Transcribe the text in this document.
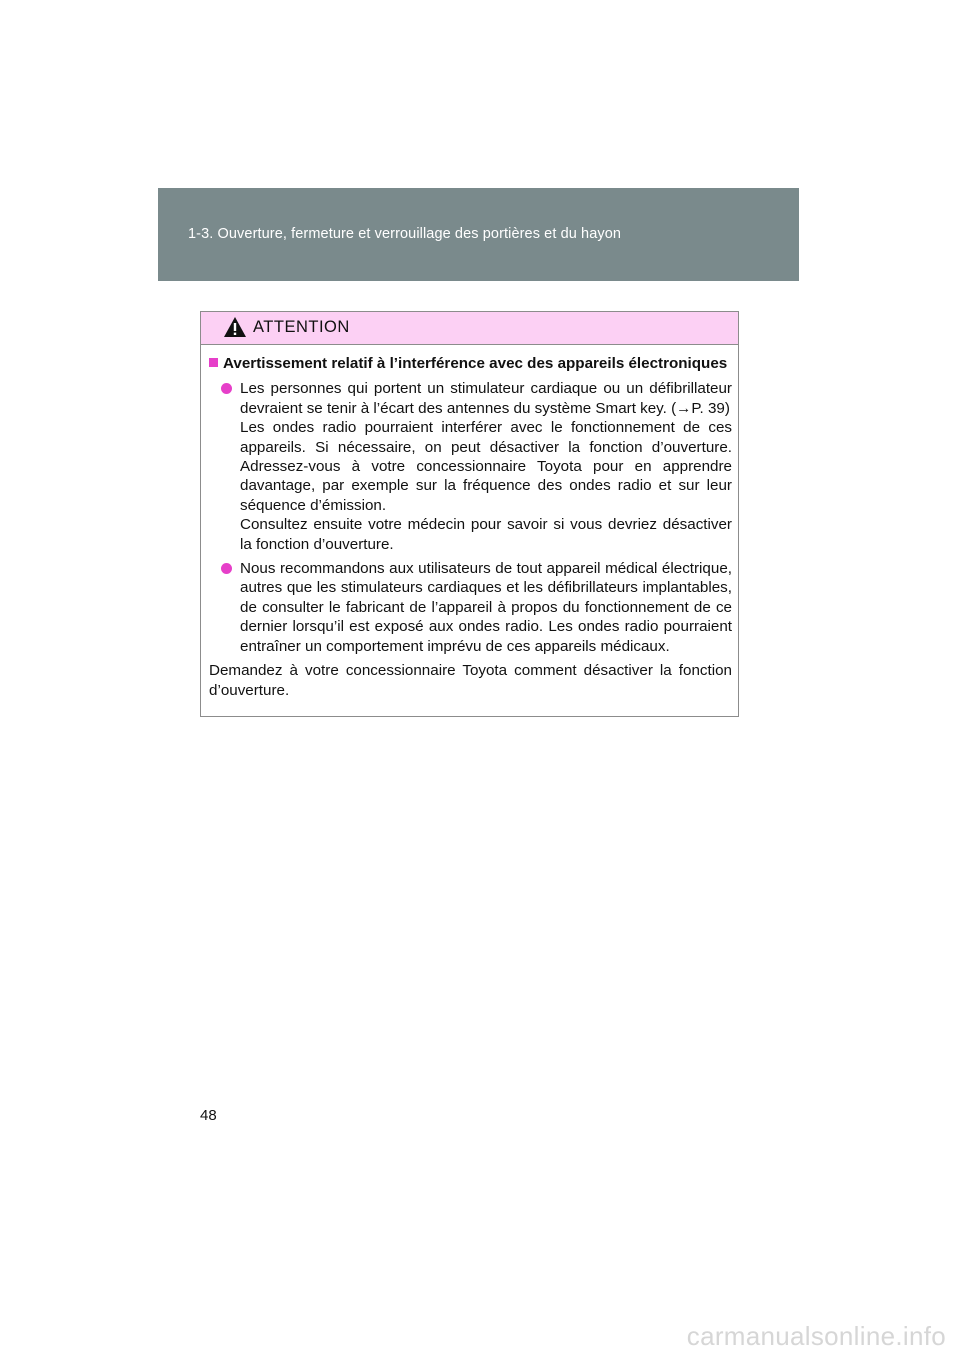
1-3. Ouverture, fermeture et verrouillage des portières et du hayon
ATTENTION
Avertissement relatif à l’interférence avec des appareils électroniques

Les personnes qui portent un stimulateur cardiaque ou un défibrillateur devraient se tenir à l’écart des antennes du système Smart key. (→P. 39)

Les ondes radio pourraient interférer avec le fonctionnement de ces appareils. Si nécessaire, on peut désactiver la fonction d’ouverture. Adressez-vous à votre concessionnaire Toyota pour en apprendre davantage, par exemple sur la fréquence des ondes radio et sur leur séquence d’émission.

Consultez ensuite votre médecin pour savoir si vous devriez désactiver la fonction d’ouverture.

Nous recommandons aux utilisateurs de tout appareil médical électrique, autres que les stimulateurs cardiaques et les défibrillateurs implantables, de consulter le fabricant de l’appareil à propos du fonctionnement de ce dernier lorsqu’il est exposé aux ondes radio. Les ondes radio pourraient entraîner un comportement imprévu de ces appareils médicaux.

Demandez à votre concessionnaire Toyota comment désactiver la fonction d’ouverture.

48
carmanualsonline.info
